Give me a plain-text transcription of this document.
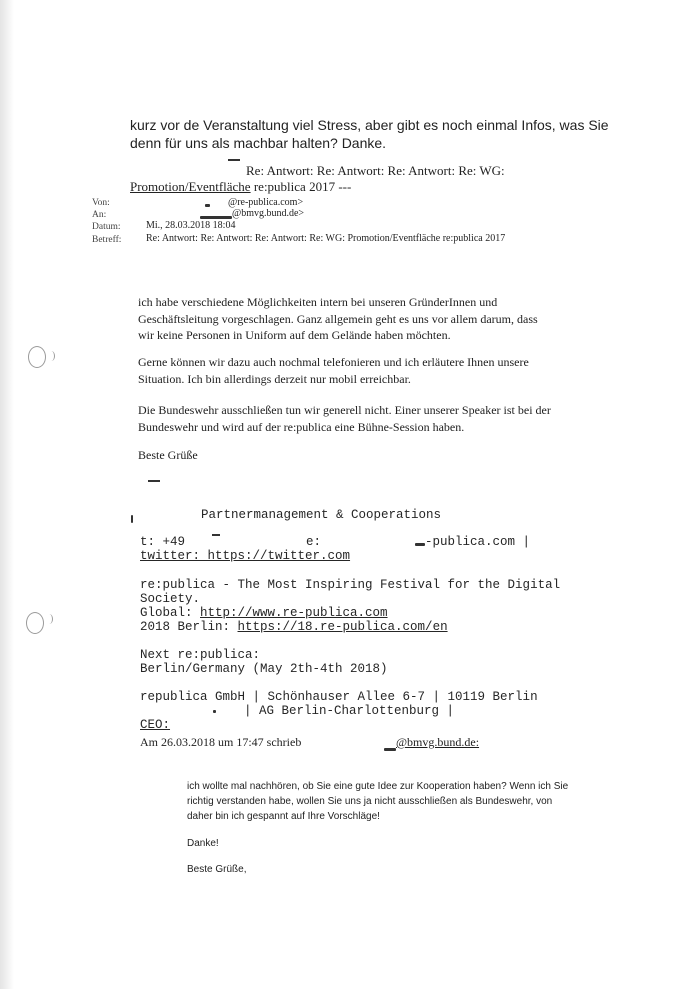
kurz vor de Veranstaltung viel Stress, aber gibt es noch einmal Infos, was Sie
denn für uns als machbar halten? Danke.
Re: Antwort: Re: Antwort: Re: Antwort: Re: WG:
Promotion/Eventfläche re:publica 2017 ---
Von:	@re-publica.com>
An:	@bmvg.bund.de>
Datum:	Mi., 28.03.2018 18:04
Betreff:	Re: Antwort: Re: Antwort: Re: Antwort: Re: WG: Promotion/Eventfläche re:publica 2017
ich habe verschiedene Möglichkeiten intern bei unseren GründerInnen und
Geschäftsleitung vorgeschlagen. Ganz allgemein geht es uns vor allem darum, dass
wir keine Personen in Uniform auf dem Gelände haben möchten.
Gerne können wir dazu auch nochmal telefonieren und ich erläutere Ihnen unsere
Situation. Ich bin allerdings derzeit nur mobil erreichbar.
Die Bundeswehr ausschließen tun wir generell nicht. Einer unserer Speaker ist bei der
Bundeswehr und wird auf der re:publica eine Bühne-Session haben.
Beste Grüße
Partnermanagement & Cooperations
t: +49	e:	-publica.com |
twitter: https://twitter.com
re:publica - The Most Inspiring Festival for the Digital
Society.
Global: http://www.re-publica.com
2018 Berlin: https://18.re-publica.com/en
Next re:publica:
Berlin/Germany (May 2th-4th 2018)
republica GmbH | Schönhauser Allee 6-7 | 10119 Berlin
| AG Berlin-Charlottenburg |
CEO:
Am 26.03.2018 um 17:47 schrieb	@bmvg.bund.de:
ich wollte mal nachhören, ob Sie eine gute Idee zur Kooperation haben? Wenn ich Sie
richtig verstanden habe, wollen Sie uns ja nicht ausschließen als Bundeswehr, von
daher bin ich gespannt auf Ihre Vorschläge!
Danke!
Beste Grüße,
